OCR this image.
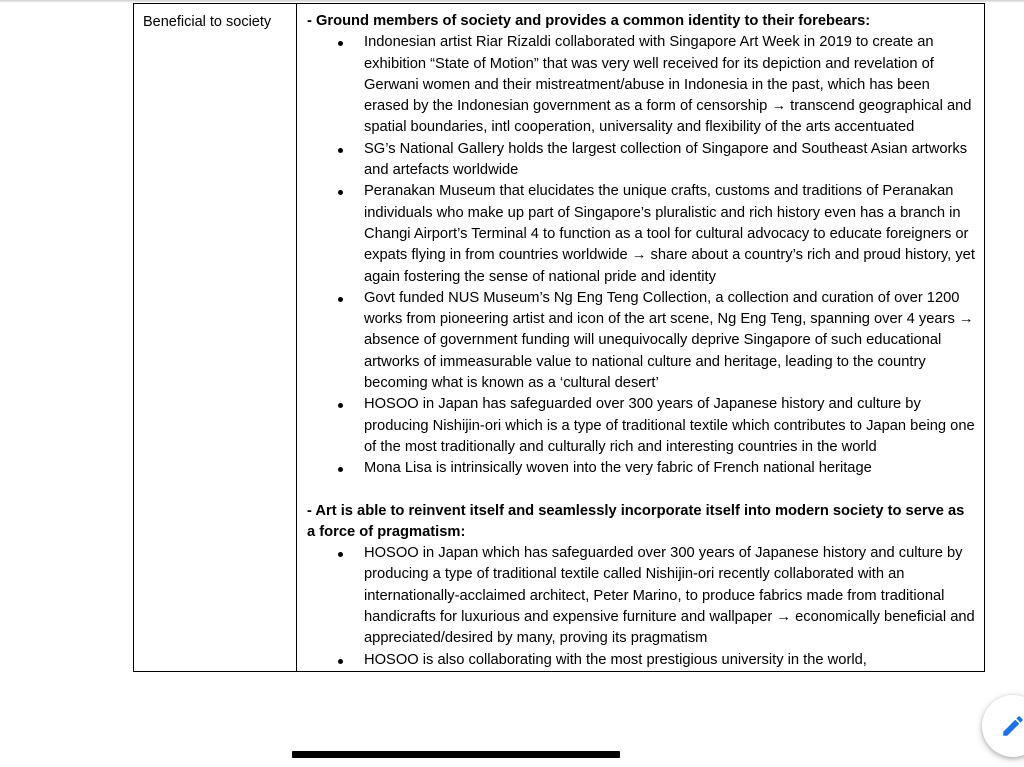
Beneficial to society	- Ground members of society and provides a common identity to their forebears:
Indonesian artist Riar Rizaldi collaborated with Singapore Art Week in 2019 to create an exhibition “State of Motion” that was very well received for its depiction and revelation of Gerwani women and their mistreatment/abuse in Indonesia in the past, which has been erased by the Indonesian government as a form of censorship → transcend geographical and spatial boundaries, intl cooperation, universality and flexibility of the arts accentuated
SG’s National Gallery holds the largest collection of Singapore and Southeast Asian artworks and artefacts worldwide
Peranakan Museum that elucidates the unique crafts, customs and traditions of Peranakan individuals who make up part of Singapore’s pluralistic and rich history even has a branch in Changi Airport’s Terminal 4 to function as a tool for cultural advocacy to educate foreigners or expats flying in from countries worldwide → share about a country’s rich and proud history, yet again fostering the sense of national pride and identity
Govt funded NUS Museum’s Ng Eng Teng Collection, a collection and curation of over 1200 works from pioneering artist and icon of the art scene, Ng Eng Teng, spanning over 4 years → absence of government funding will unequivocally deprive Singapore of such educational artworks of immeasurable value to national culture and heritage, leading to the country becoming what is known as a ‘cultural desert’
HOSOO in Japan has safeguarded over 300 years of Japanese history and culture by producing Nishijin-ori which is a type of traditional textile which contributes to Japan being one of the most traditionally and culturally rich and interesting countries in the world
Mona Lisa is intrinsically woven into the very fabric of French national heritage
- Art is able to reinvent itself and seamlessly incorporate itself into modern society to serve as a force of pragmatism:
HOSOO in Japan which has safeguarded over 300 years of Japanese history and culture by producing a type of traditional textile called Nishijin-ori recently collaborated with an internationally-acclaimed architect, Peter Marino, to produce fabrics made from traditional handicrafts for luxurious and expensive furniture and wallpaper → economically beneficial and appreciated/desired by many, proving its pragmatism
HOSOO is also collaborating with the most prestigious university in the world,
